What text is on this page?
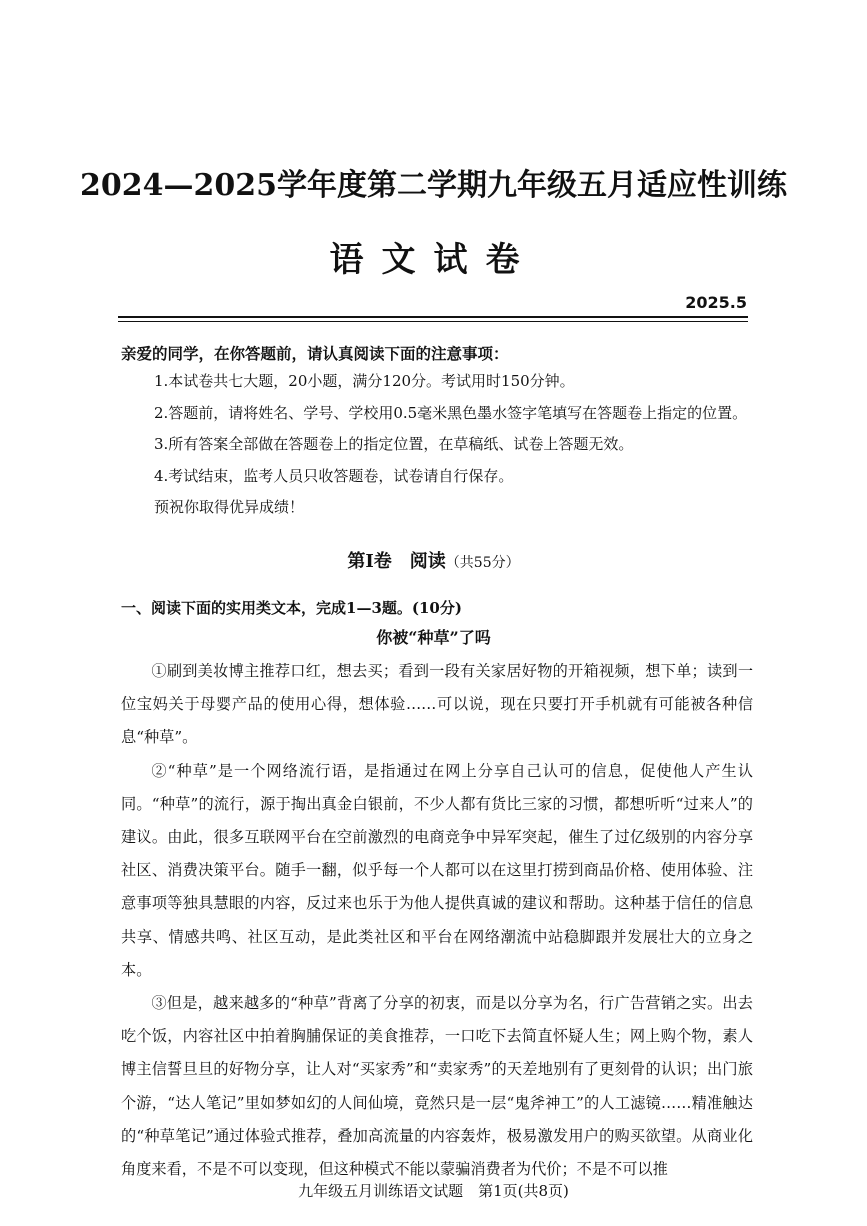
2024—2025学年度第二学期九年级五月适应性训练
语文试卷
2025.5
亲爱的同学，在你答题前，请认真阅读下面的注意事项：
1.本试卷共七大题，20小题，满分120分。考试用时150分钟。
2.答题前，请将姓名、学号、学校用0.5毫米黑色墨水签字笔填写在答题卷上指定的位置。
3.所有答案全部做在答题卷上的指定位置，在草稿纸、试卷上答题无效。
4.考试结束，监考人员只收答题卷，试卷请自行保存。
预祝你取得优异成绩！
第Ⅰ卷　阅读（共55分）
一、阅读下面的实用类文本，完成1—3题。(10分)
你被“种草”了吗

①刷到美妆博主推荐口红，想去买；看到一段有关家居好物的开箱视频，想下单；读到一位宝妈关于母婴产品的使用心得，想体验……可以说，现在只要打开手机就有可能被各种信息“种草”。

②“种草”是一个网络流行语，是指通过在网上分享自己认可的信息，促使他人产生认同。“种草”的流行，源于掏出真金白银前，不少人都有货比三家的习惯，都想听听“过来人”的建议。由此，很多互联网平台在空前激烈的电商竞争中异军突起，催生了过亿级别的内容分享社区、消费决策平台。随手一翻，似乎每一个人都可以在这里打捞到商品价格、使用体验、注意事项等独具慧眼的内容，反过来也乐于为他人提供真诚的建议和帮助。这种基于信任的信息共享、情感共鸣、社区互动，是此类社区和平台在网络潮流中站稳脚跟并发展壮大的立身之本。

③但是，越来越多的“种草”背离了分享的初衷，而是以分享为名，行广告营销之实。出去吃个饭，内容社区中拍着胸脯保证的美食推荐，一口吃下去简直怀疑人生；网上购个物，素人博主信誓旦旦的好物分享，让人对“买家秀”和“卖家秀”的天差地别有了更刻骨的认识；出门旅个游，“达人笔记”里如梦如幻的人间仙境，竟然只是一层“鬼斧神工”的人工滤镜……精准触达的“种草笔记”通过体验式推荐，叠加高流量的内容轰炸，极易激发用户的购买欲望。从商业化角度来看，不是不可以变现，但这种模式不能以蒙骗消费者为代价；不是不可以推

九年级五月训练语文试题　第1页(共8页)
